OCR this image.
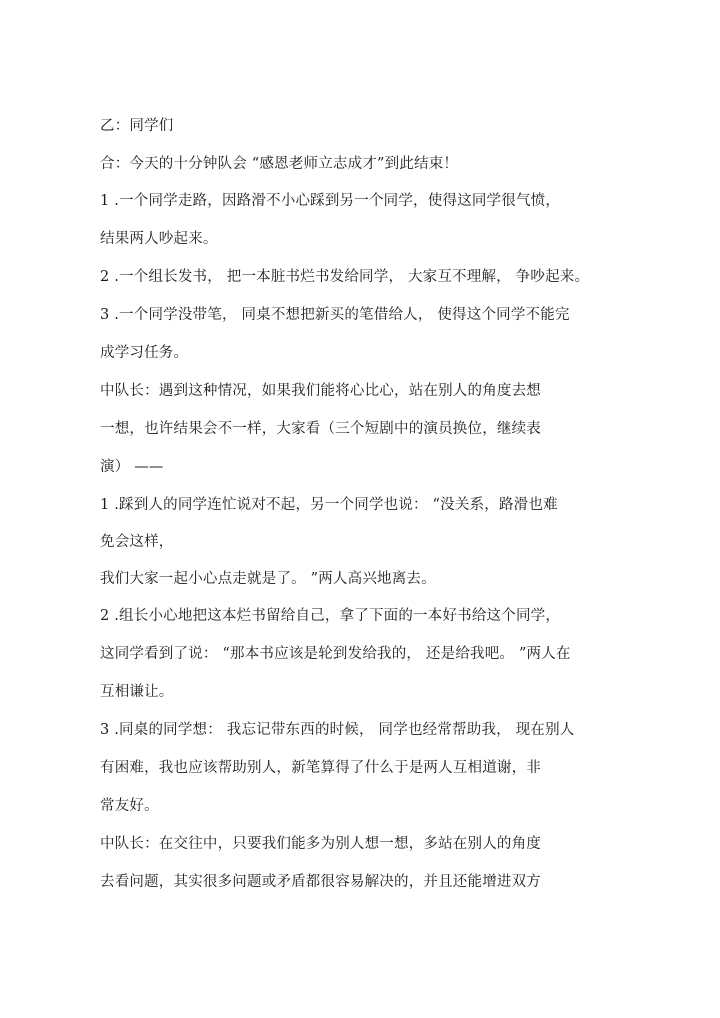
乙：同学们
合：今天的十分钟队会 “感恩老师立志成才”到此结束！
1 .一个同学走路，因路滑不小心踩到另一个同学，使得这同学很气愤，
结果两人吵起来。
2 .一个组长发书， 把一本脏书烂书发给同学， 大家互不理解， 争吵起来。
3 .一个同学没带笔， 同桌不想把新买的笔借给人， 使得这个同学不能完
成学习任务。
中队长：遇到这种情况，如果我们能将心比心，站在别人的角度去想
一想，也许结果会不一样，大家看（三个短剧中的演员换位，继续表
演） ——
1 .踩到人的同学连忙说对不起，另一个同学也说： “没关系，路滑也难
免会这样，
我们大家一起小心点走就是了。 ”两人高兴地离去。
2 .组长小心地把这本烂书留给自己，拿了下面的一本好书给这个同学，
这同学看到了说： “那本书应该是轮到发给我的， 还是给我吧。 ”两人在
互相谦让。
3 .同桌的同学想： 我忘记带东西的时候， 同学也经常帮助我， 现在别人
有困难，我也应该帮助别人，新笔算得了什么于是两人互相道谢，非
常友好。
中队长：在交往中，只要我们能多为别人想一想，多站在别人的角度
去看问题，其实很多问题或矛盾都很容易解决的，并且还能增进双方
